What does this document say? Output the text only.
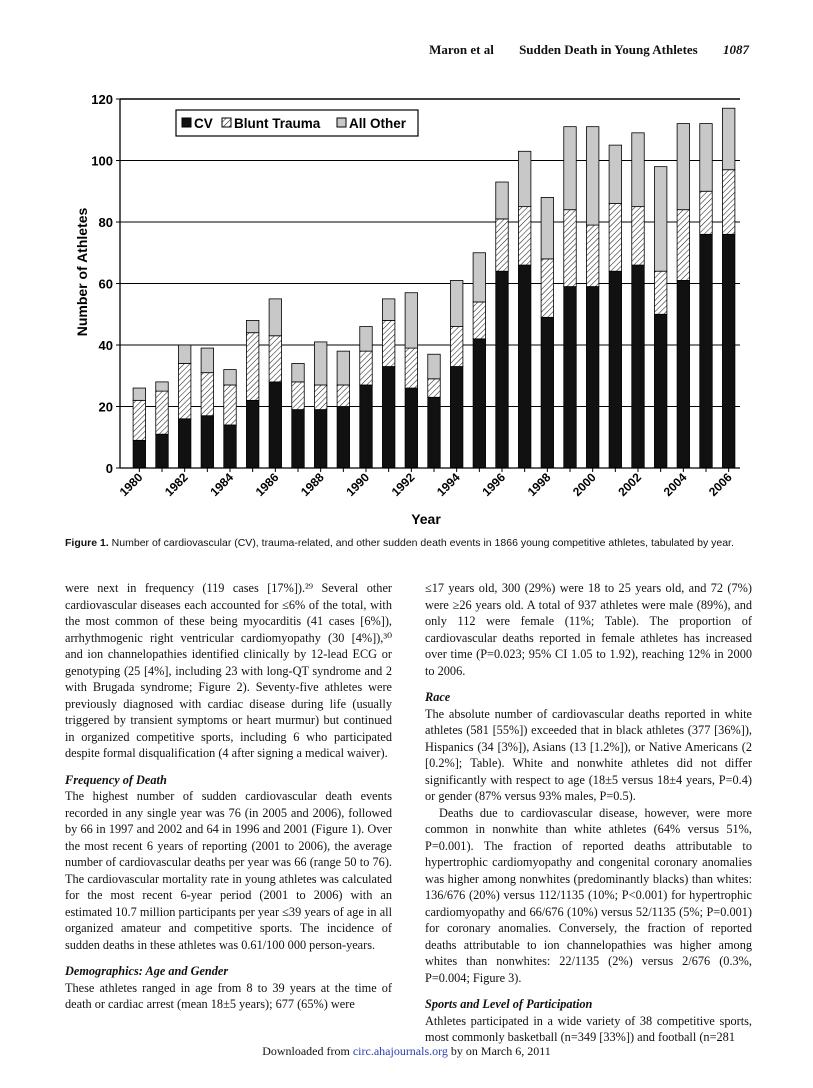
Maron et al Sudden Death in Young Athletes 1087
0
20
40
60
80
100
120
1980 1982 1984 1986 1988 1990 1992 1994 1996 1998 2000 2002 2004 2006
Number of Athletes
Year
CV Blunt Trauma All Other
Figure 1. Number of cardiovascular (CV), trauma-related, and other sudden death events in 1866 young competitive athletes, tabulated by year.

were next in frequency (119 cases [17%]).²⁹ Several other cardiovascular diseases each accounted for ≤6% of the total, with the most common of these being myocarditis (41 cases [6%]), arrhythmogenic right ventricular cardiomyopathy (30 [4%]),³⁰ and ion channelopathies identified clinically by 12-lead ECG or genotyping (25 [4%], including 23 with long-QT syndrome and 2 with Brugada syndrome; Figure 2). Seventy-five athletes were previously diagnosed with cardiac disease during life (usually triggered by transient symptoms or heart murmur) but continued in organized competitive sports, including 6 who participated despite formal disqualification (4 after signing a medical waiver).

Frequency of Death

The highest number of sudden cardiovascular death events recorded in any single year was 76 (in 2005 and 2006), followed by 66 in 1997 and 2002 and 64 in 1996 and 2001 (Figure 1). Over the most recent 6 years of reporting (2001 to 2006), the average number of cardiovascular deaths per year was 66 (range 50 to 76). The cardiovascular mortality rate in young athletes was calculated for the most recent 6-year period (2001 to 2006) with an estimated 10.7 million participants per year ≤39 years of age in all organized amateur and competitive sports. The incidence of sudden deaths in these athletes was 0.61/100 000 person-years.

Demographics: Age and Gender

These athletes ranged in age from 8 to 39 years at the time of death or cardiac arrest (mean 18±5 years); 677 (65%) were

≤17 years old, 300 (29%) were 18 to 25 years old, and 72 (7%) were ≥26 years old. A total of 937 athletes were male (89%), and only 112 were female (11%; Table). The proportion of cardiovascular deaths reported in female athletes has increased over time (P=0.023; 95% CI 1.05 to 1.92), reaching 12% in 2000 to 2006.

Race

The absolute number of cardiovascular deaths reported in white athletes (581 [55%]) exceeded that in black athletes (377 [36%]), Hispanics (34 [3%]), Asians (13 [1.2%]), or Native Americans (2 [0.2%]; Table). White and nonwhite athletes did not differ significantly with respect to age (18±5 versus 18±4 years, P=0.4) or gender (87% versus 93% males, P=0.5).

Deaths due to cardiovascular disease, however, were more common in nonwhite than white athletes (64% versus 51%, P=0.001). The fraction of reported deaths attributable to hypertrophic cardiomyopathy and congenital coronary anomalies was higher among nonwhites (predominantly blacks) than whites: 136/676 (20%) versus 112/1135 (10%; P<0.001) for hypertrophic cardiomyopathy and 66/676 (10%) versus 52/1135 (5%; P=0.001) for coronary anomalies. Conversely, the fraction of reported deaths attributable to ion channelopathies was higher among whites than nonwhites: 22/1135 (2%) versus 2/676 (0.3%, P=0.004; Figure 3).

Sports and Level of Participation

Athletes participated in a wide variety of 38 competitive sports, most commonly basketball (n=349 [33%]) and football (n=281

Downloaded from circ.ahajournals.org by on March 6, 2011
